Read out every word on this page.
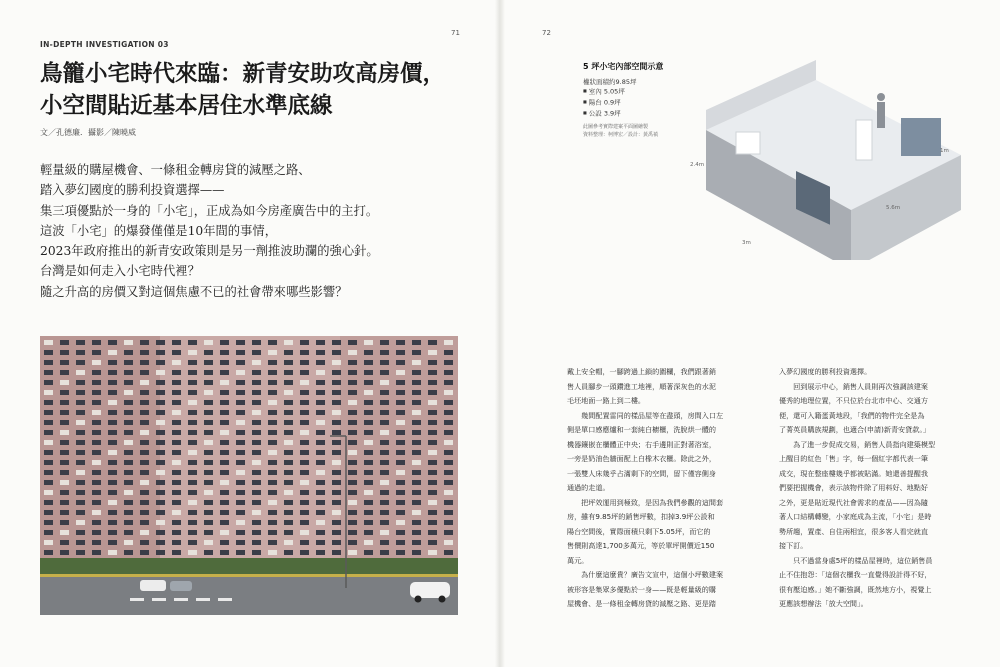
71	72
IN-DEPTH INVESTIGATION 03
鳥籠小宅時代來臨：新青安助攻高房價，
小空間貼近基本居住水準底線
文／孔德廉．攝影／陳曉威
輕量級的購屋機會、一條租金轉房貸的減壓之路、
踏入夢幻國度的勝利投資選擇——
集三項優點於一身的「小宅」，正成為如今房產廣告中的主打。
這波「小宅」的爆發僅僅是10年間的事情，
2023年政府推出的新青安政策則是另一劑推波助瀾的強心針。
台灣是如何走入小宅時代裡？
隨之升高的房價又對這個焦慮不已的社會帶來哪些影響？
5 坪小宅內部空間示意
權狀面積約9.85坪
■ 室內 5.05坪
■ 陽台 0.9坪
■ 公設 3.9坪
此圖參考實際建案平面圖繪製
資料整理：柯博宏／設計：黃禹禛
2.4m
1m
5.6m
3m
戴上安全帽，一腳跨過上鎖的圍欄，我們跟著銷
售人員腳步一頭鑽進工地裡，順著深灰色的水泥
毛坯地面一路上到二樓。
　　幾間配置雷同的樣品屋等在盡頭，房間入口左
側是單口感應爐和一套純白櫥櫃，洗脫烘一體的
機器鑲嵌在櫃體正中央；右手邊則正對著浴室，
一旁是奶油色牆面配上白橡木衣櫃。除此之外，
一張雙人床幾乎占滿剩下的空間，留下僅容側身
通過的走道。
　　把坪效運用到極致，是因為我們參觀的這間套
房，雖有9.85坪的銷售坪數，扣掉3.9坪公設和
陽台空間後，實際面積只剩下5.05坪，而它的
售價則高達1,700多萬元，等於單坪開價近150
萬元。
　　為什麼這麼貴？廣告文宣中，這個小坪數建案
被形容是集眾多優點於一身——既是輕量級的購
屋機會、是一條租金轉房貸的減壓之路、更是踏
入夢幻國度的勝利投資選擇。
　　回到展示中心，銷售人員則再次強調該建案
優秀的地理位置，不只位於台北市中心、交通方
便，還可入籍蛋黃地段，「我們的物件完全是為
了菁英員購族規劃，也適合(申請)新青安貸款。」
　　為了進一步促成交易，銷售人員指向建築模型
上醒目的紅色「售」字，每一個紅字都代表一筆
成交，現在整座樓幾乎都被貼滿。她還善提醒我
們要把握機會，表示該物件除了用料好、地點好
之外，更是貼近現代社會需求的產品——因為隨
著人口結構轉變，小家庭成為主流，「小宅」是時
勢所趨，置產、自住兩相宜，很多客人看完就直
接下訂。
　　只不過當身處5坪的樣品屋裡時，這位銷售員
止不住抱怨：「這個衣櫃我一直覺得設計得不好，
很有壓迫感。」她不斷強調，既然地方小，視覺上
更應該想辦法「放大空間」。
